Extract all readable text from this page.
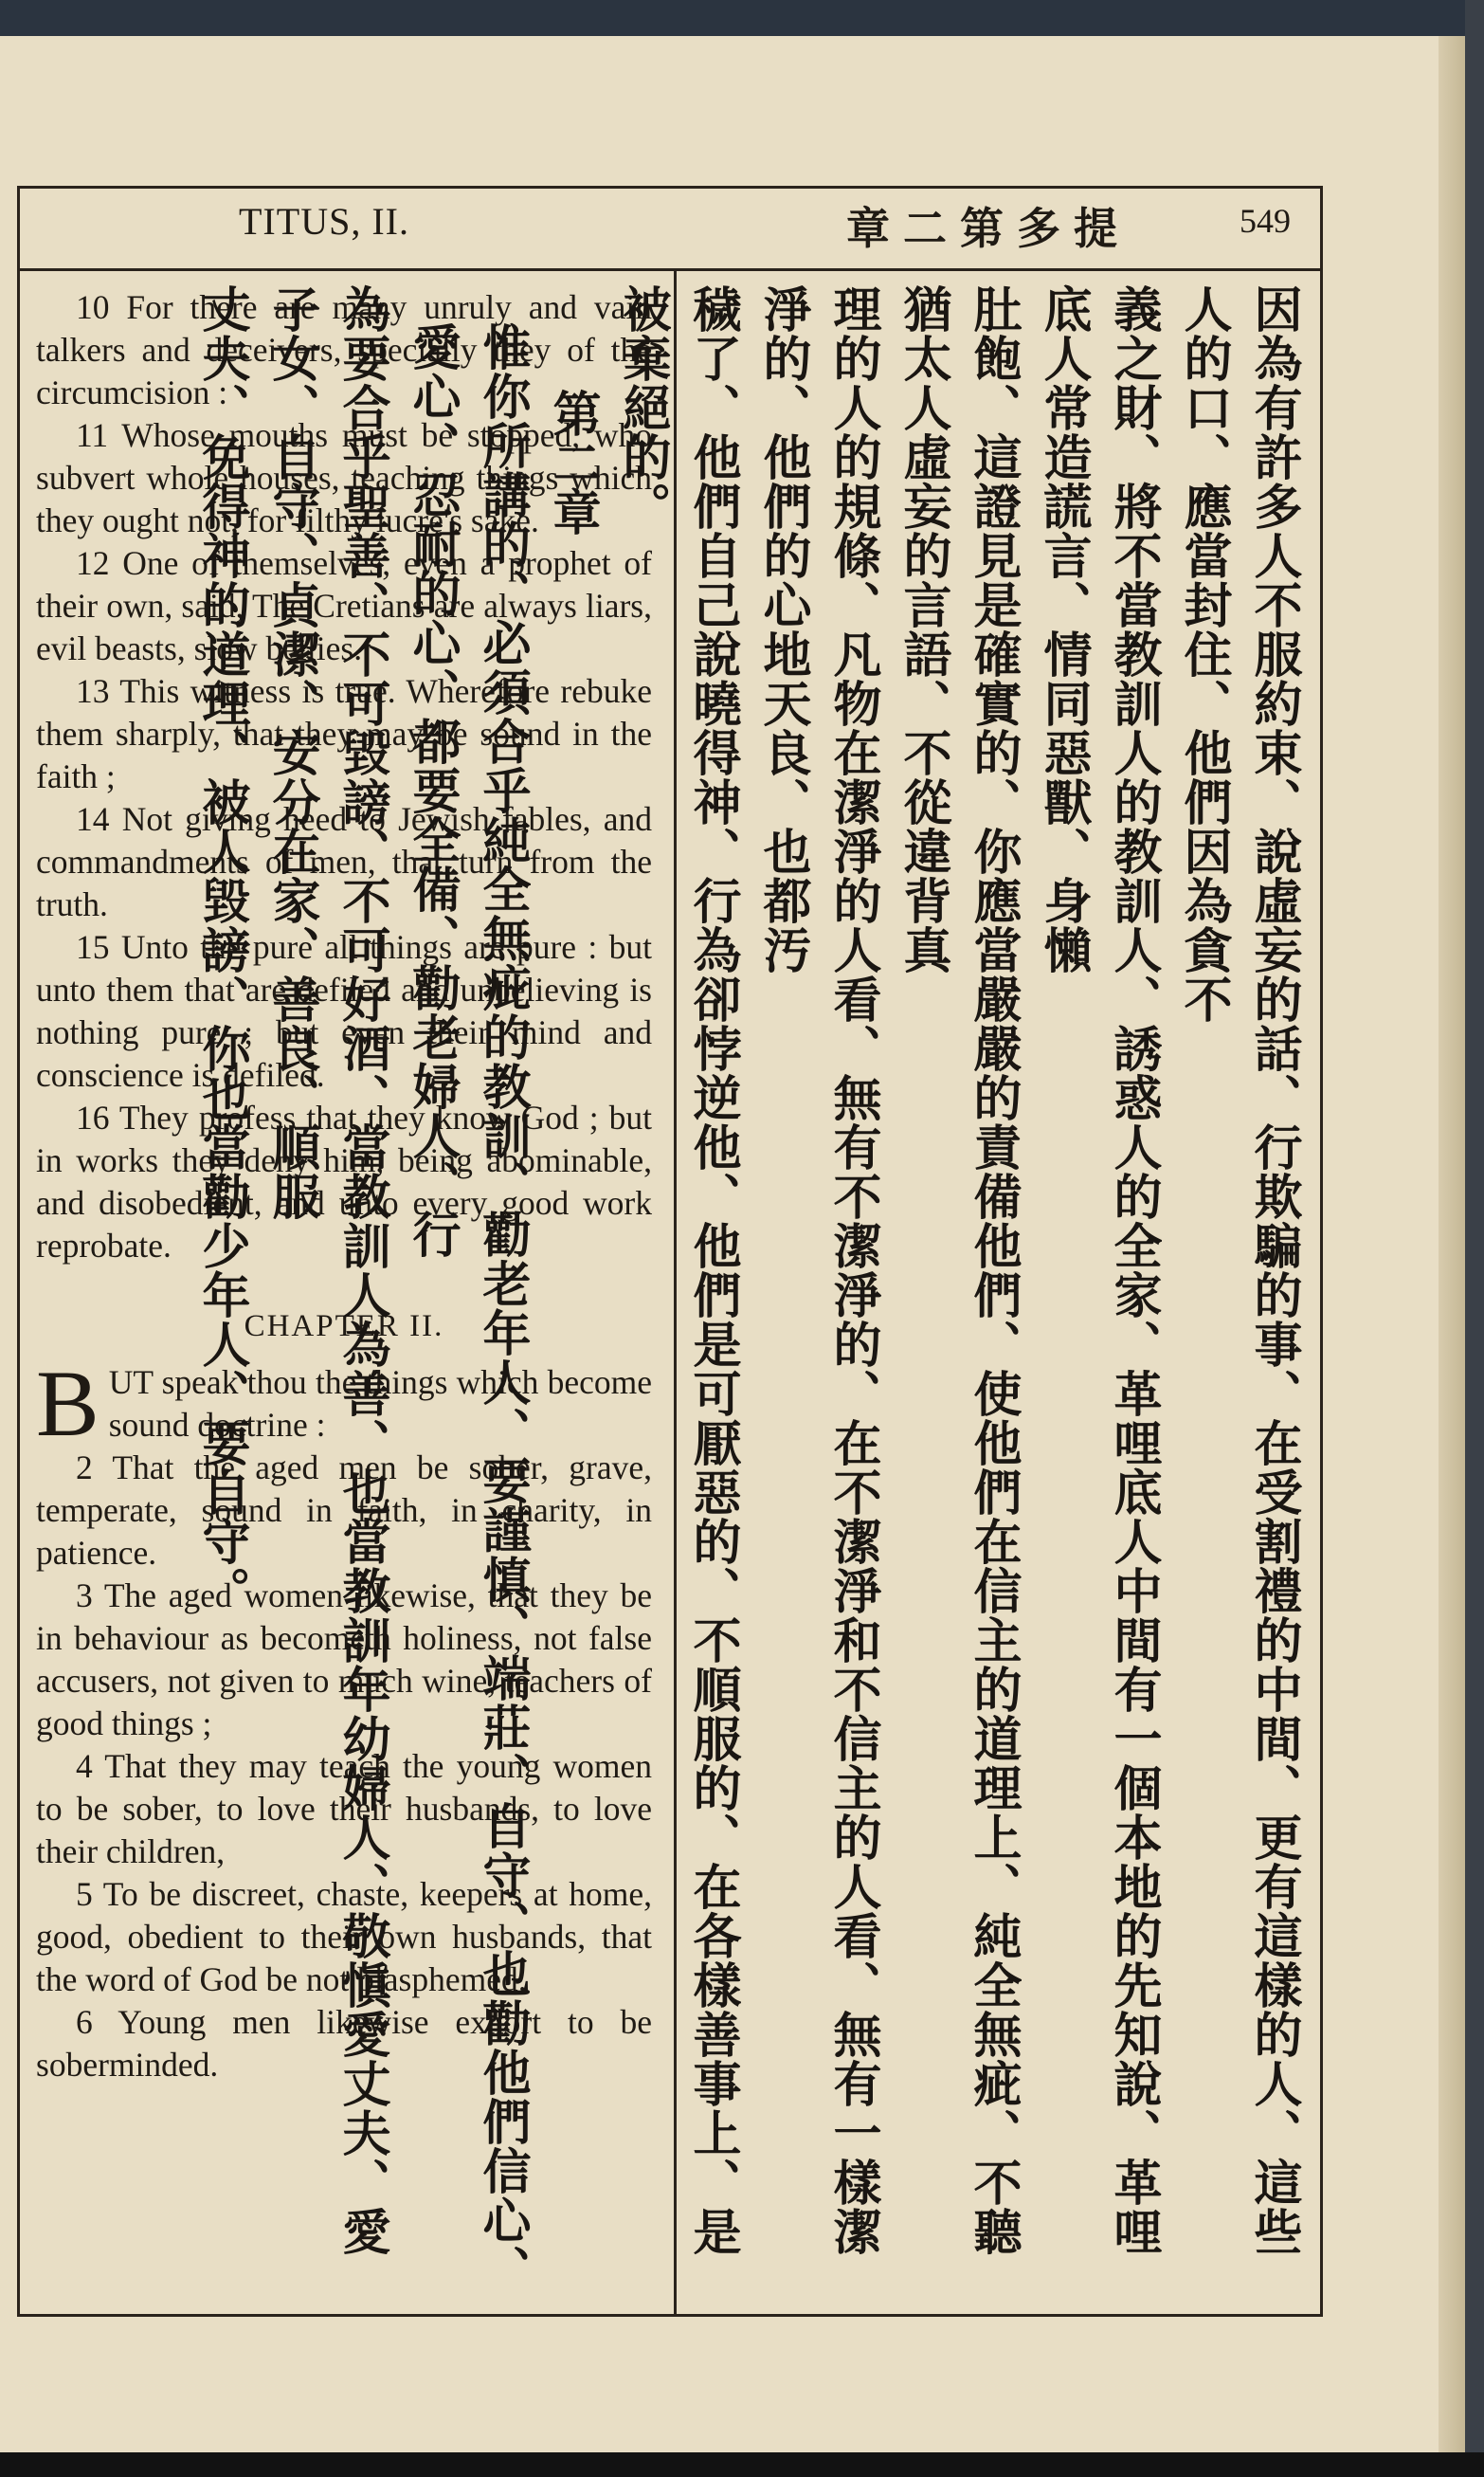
TITUS, II.	提多第二章	549

10 For there are many unruly and vain talkers and deceivers, specially they of the circumcision :

11 Whose mouths must be stopped, who subvert whole houses, teaching things which they ought not, for filthy lucre's sake.

12 One of themselves, even a prophet of their own, said, The Cretians are always liars, evil beasts, slow bellies.

13 This witness is true. Wherefore rebuke them sharply, that they may be sound in the faith ;

14 Not giving heed to Jewish fables, and commandments of men, that turn from the truth.

15 Unto the pure all things are pure : but unto them that are defiled and unbelieving is nothing pure ; but even their mind and conscience is defiled.

16 They profess that they know God ; but in works they deny him, being abominable, and disobedient, and unto every good work reprobate.

CHAPTER II.

B UT speak thou the things which become sound doctrine :

2 That the aged men be sober, grave, temperate, sound in faith, in charity, in patience.

3 The aged women likewise, that they be in behaviour as becometh holiness, not false accusers, not given to much wine, teachers of good things ;

4 That they may teach the young women to be sober, to love their husbands, to love their children,

5 To be discreet, chaste, keepers at home, good, obedient to their own husbands, that the word of God be not blasphemed.

6 Young men likewise exhort to be soberminded.	因為有許多人不服約束、說虛妄的話、行欺騙的事、在受割禮的中間、更有這樣的人、這些人的口、應當封住、他們因為貪不
義之財、將不當教訓人的教訓人、誘惑人的全家、革哩底人中間有一個本地的先知說、革哩底人常造謊言、情同惡獸、身懶
肚飽、這證見是確實的、你應當嚴嚴的責備他們、使他們在信主的道理上、純全無疵、不聽猶太人虛妄的言語、不從違背真
理的人的規條、凡物在潔淨的人看、無有不潔淨的、在不潔淨和不信主的人看、無有一樣潔淨的、他們的心地天良、也都汚
穢了、他們自己說曉得神、行為卻悖逆他、他們是可厭惡的、不順服的、在各樣善事上、是被棄絕的。
第二章
惟你所講的、必須合乎純全無疵的教訓、勸老年人、要謹慎、端莊、自守、也勸他們信心、愛心、忍耐的心、都要全備、勸老婦人、行
為要合乎聖善、不可毀謗、不可好酒、當教訓人為善、也當教訓年幼婦人、敬愼愛丈夫、愛子女、自守、貞潔、安分在家、善良、順服
丈夫、免得神的道理、被人毀謗、你也當勸少年人、要自守。
